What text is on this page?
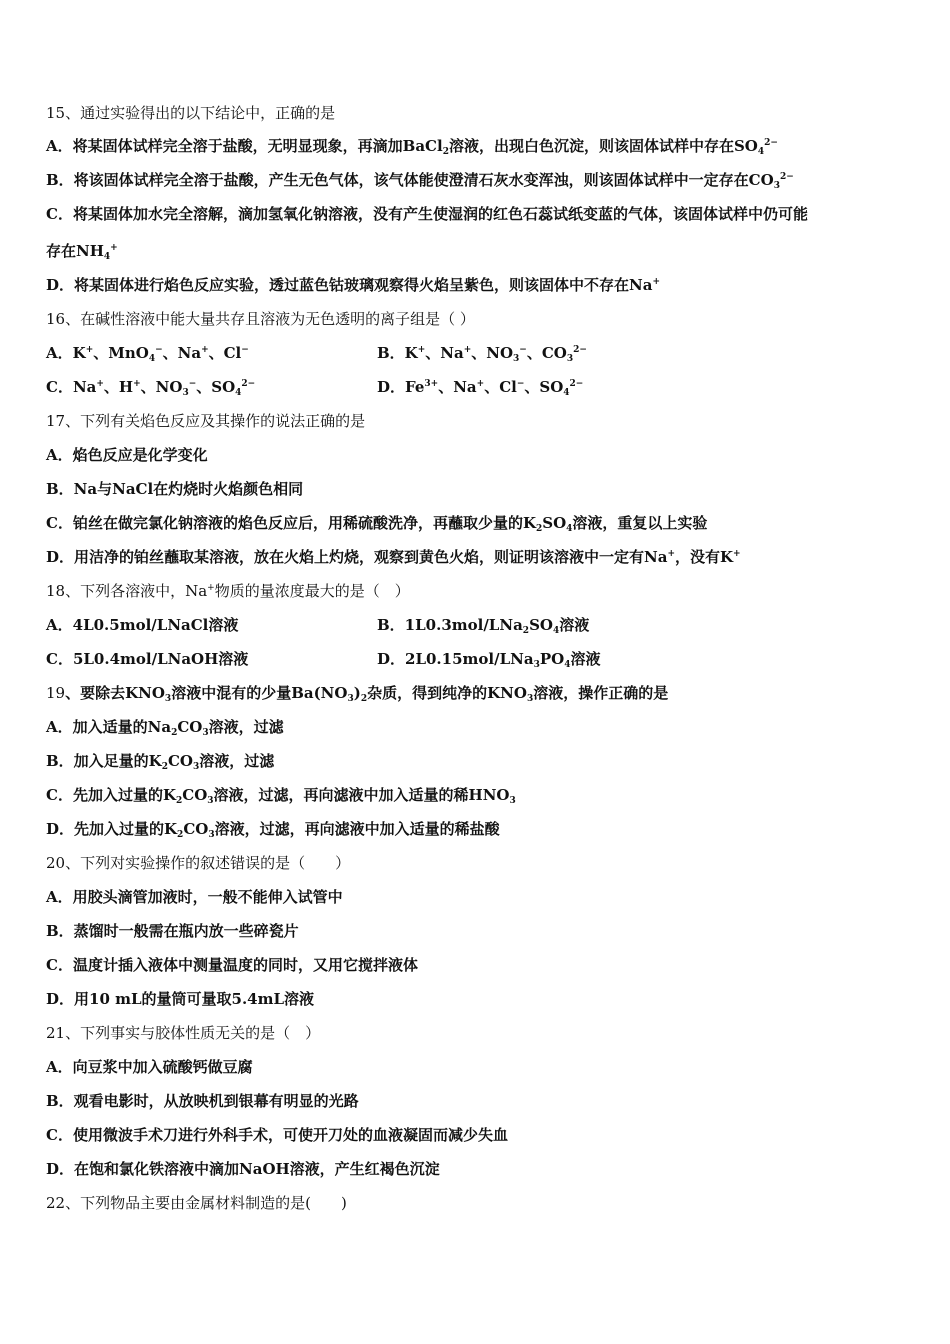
15、通过实验得出的以下结论中，正确的是
A．将某固体试样完全溶于盐酸，无明显现象，再滴加BaCl$_2$溶液，出现白色沉淀，则该固体试样中存在$SO_4^{2-}$
B．将该固体试样完全溶于盐酸，产生无色气体，该气体能使澄清石灰水变浑浊，则该固体试样中一定存在$CO_3^{2-}$
C．将某固体加水完全溶解，滴加氢氧化钠溶液，没有产生使湿润的红色石蕊试纸变蓝的气体，该固体试样中仍可能
存在$NH_4^+$
D．将某固体进行焰色反应实验，透过蓝色钴玻璃观察得火焰呈紫色，则该固体中不存在Na+
16、在碱性溶液中能大量共存且溶液为无色透明的离子组是（ ）
A．K+、MnO$_4$−、Na+、Cl−	B．K+、Na+、$NO_3^-$、$CO_3^{2-}$
C．Na+、H+、$NO_3^-$、$SO_4^{2-}$	D．$Fe^{3+}$、Na+、Cl−、$SO_4^{2-}$
17、下列有关焰色反应及其操作的说法正确的是
A．焰色反应是化学变化
B．Na与NaCl在灼烧时火焰颜色相同
C．铂丝在做完氯化钠溶液的焰色反应后，用稀硫酸洗净，再蘸取少量的$K_2SO_4$溶液，重复以上实验
D．用洁净的铂丝蘸取某溶液，放在火焰上灼烧，观察到黄色火焰，则证明该溶液中一定有Na+，没有K+
18、下列各溶液中，Na+物质的量浓度最大的是（　）
A．4L0.5mol/LNaCl溶液	B．$1L0.3mol/LNa_2SO_4$溶液
C．5L0.4mol/LNaOH溶液	D．$2L0.15mol/LNa_3PO_4$溶液
19、要除去$KNO_3$溶液中混有的少量$Ba(NO_3)_2$杂质，得到纯净的$KNO_3$溶液，操作正确的是
A．加入适量的$Na_2CO_3$溶液，过滤
B．加入足量的$K_2CO_3$溶液，过滤
C．先加入过量的$K_2CO_3$溶液，过滤，再向滤液中加入适量的稀$HNO_3$
D．先加入过量的$K_2CO_3$溶液，过滤，再向滤液中加入适量的稀盐酸
20、下列对实验操作的叙述错误的是（　　）
A．用胶头滴管加液时，一般不能伸入试管中
B．蒸馏时一般需在瓶内放一些碎瓷片
C．温度计插入液体中测量温度的同时，又用它搅拌液体
D．用10 mL的量筒可量取5.4mL溶液
21、下列事实与胶体性质无关的是（　）
A．向豆浆中加入硫酸钙做豆腐
B．观看电影时，从放映机到银幕有明显的光路
C．使用微波手术刀进行外科手术，可使开刀处的血液凝固而减少失血
D．在饱和氯化铁溶液中滴加NaOH溶液，产生红褐色沉淀
22、下列物品主要由金属材料制造的是(　　)
